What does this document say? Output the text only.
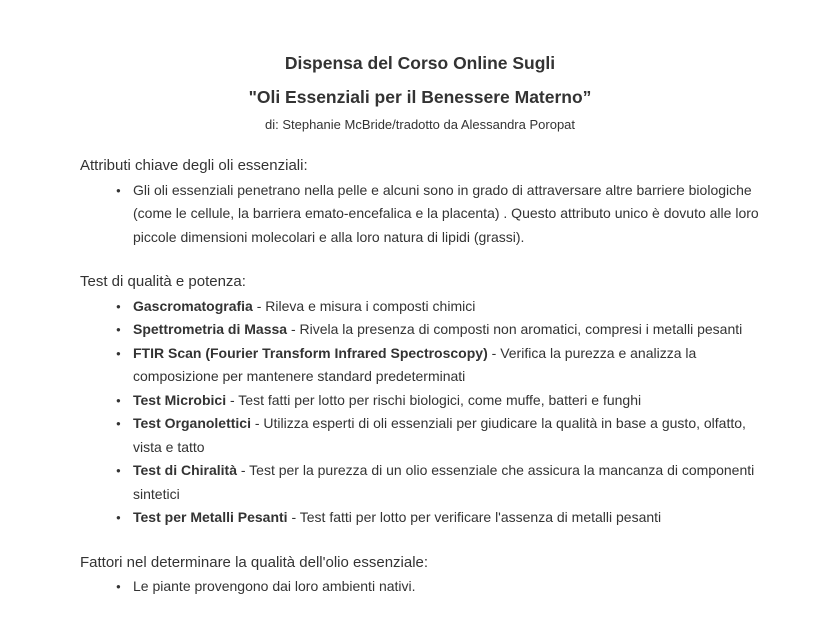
Dispensa del Corso Online Sugli
"Oli Essenziali per il Benessere Materno”

di: Stephanie McBride/tradotto da Alessandra Poropat

Attributi chiave degli oli essenziali:

● Gli oli essenziali penetrano nella pelle e alcuni sono in grado di attraversare altre barriere biologiche (come le cellule, la barriera emato-encefalica e la placenta) . Questo attributo unico è dovuto alle loro piccole dimensioni molecolari e alla loro natura di lipidi (grassi).

Test di qualità e potenza:

● Gascromatografia - Rileva e misura i composti chimici
● Spettrometria di Massa - Rivela la presenza di composti non aromatici, compresi i metalli pesanti
● FTIR Scan (Fourier Transform Infrared Spectroscopy) - Verifica la purezza e analizza la composizione per mantenere standard predeterminati
● Test Microbici - Test fatti per lotto per rischi biologici, come muffe, batteri e funghi
● Test Organolettici - Utilizza esperti di oli essenziali per giudicare la qualità in base a gusto, olfatto, vista e tatto
● Test di Chiralità - Test per la purezza di un olio essenziale che assicura la mancanza di componenti sintetici
● Test per Metalli Pesanti - Test fatti per lotto per verificare l'assenza di metalli pesanti

Fattori nel determinare la qualità dell'olio essenziale:

● Le piante provengono dai loro ambienti nativi.
